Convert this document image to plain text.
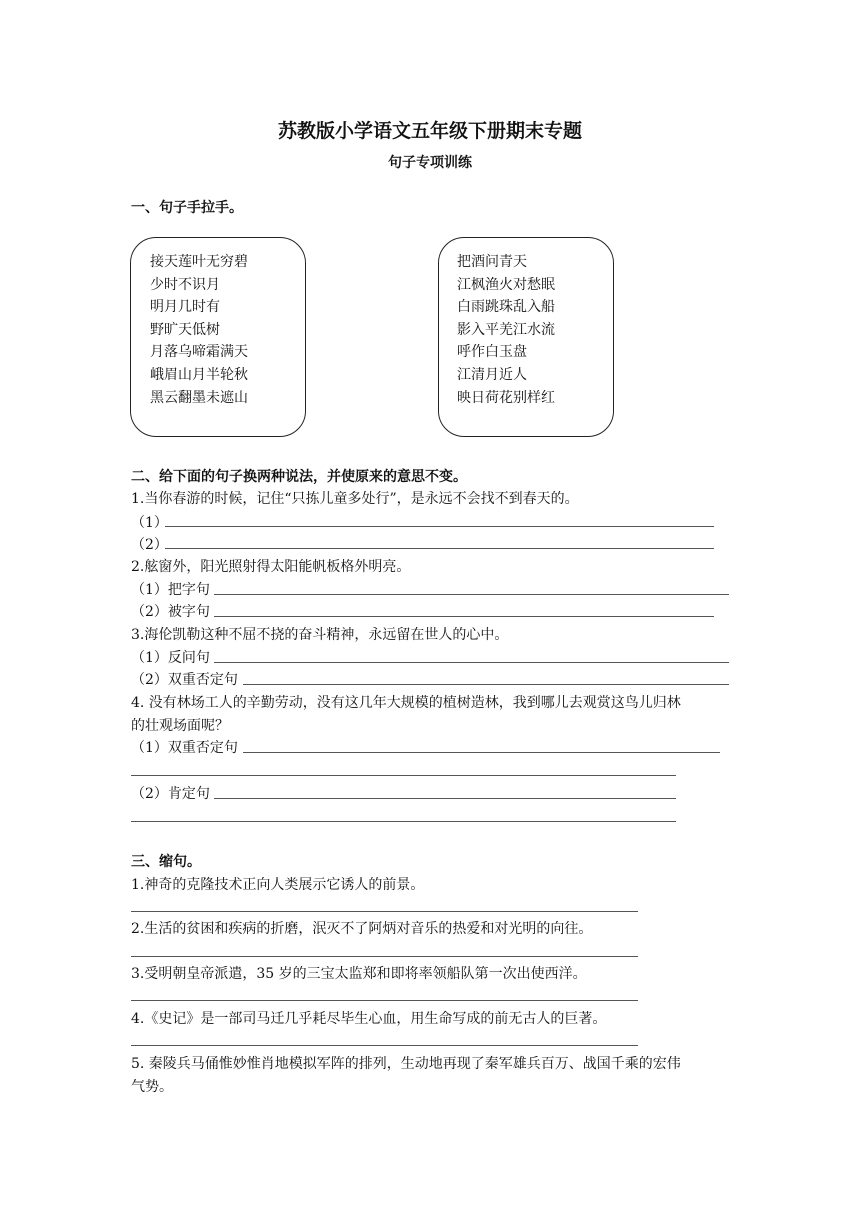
苏教版小学语文五年级下册期末专题
句子专项训练
一、句子手拉手。
接天莲叶无穷碧
少时不识月
明月几时有
野旷天低树
月落乌啼霜满天
峨眉山月半轮秋
黑云翻墨未遮山
把酒问青天
江枫渔火对愁眠
白雨跳珠乱入船
影入平羌江水流
呼作白玉盘
江清月近人
映日荷花别样红
二、给下面的句子换两种说法，并使原来的意思不变。
1.当你春游的时候，记住“只拣儿童多处行”，是永远不会找不到春天的。
（1）
（2）
2.舷窗外，阳光照射得太阳能帆板格外明亮。
（1）把字句
（2）被字句
3.海伦凯勒这种不屈不挠的奋斗精神，永远留在世人的心中。
（1）反问句
（2）双重否定句
4. 没有林场工人的辛勤劳动，没有这几年大规模的植树造林，我到哪儿去观赏这鸟儿归林
的壮观场面呢？
（1）双重否定句
（2）肯定句
三、缩句。
1.神奇的克隆技术正向人类展示它诱人的前景。
2.生活的贫困和疾病的折磨，泯灭不了阿炳对音乐的热爱和对光明的向往。
3.受明朝皇帝派遣，35 岁的三宝太监郑和即将率领船队第一次出使西洋。
4.《史记》是一部司马迁几乎耗尽毕生心血，用生命写成的前无古人的巨著。
5. 秦陵兵马俑惟妙惟肖地模拟军阵的排列，生动地再现了秦军雄兵百万、战国千乘的宏伟
气势。
